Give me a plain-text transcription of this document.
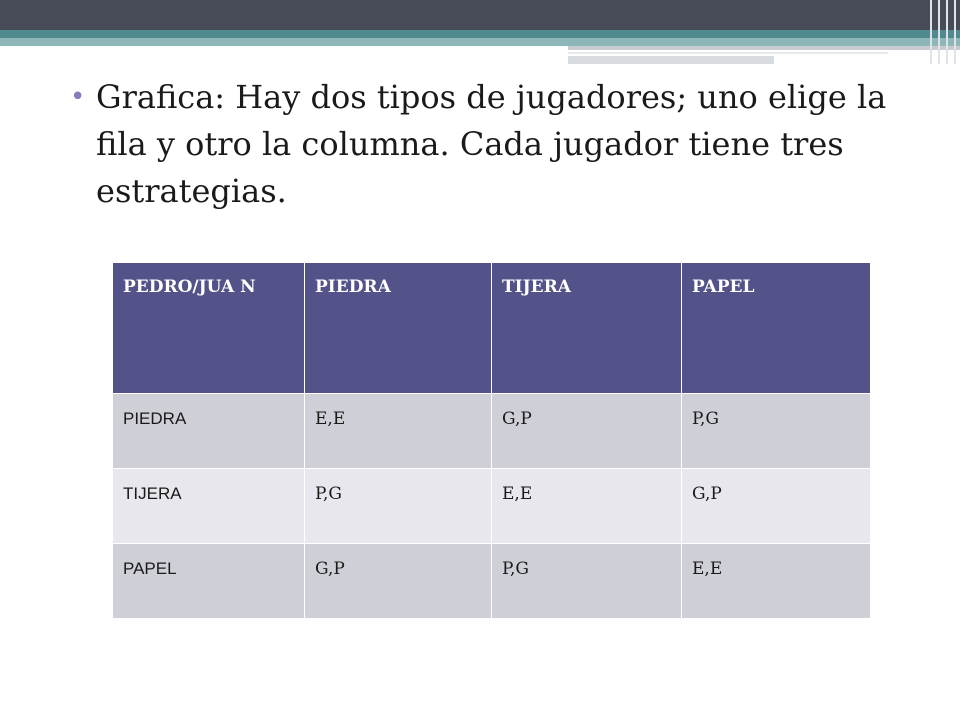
• Grafica: Hay dos tipos de jugadores; uno elige la fila y otro la columna. Cada jugador tiene tres estrategias.
PEDRO/JUA N	PIEDRA	TIJERA	PAPEL
PIEDRA	E,E	G,P	P,G
TIJERA	P,G	E,E	G,P
PAPEL	G,P	P,G	E,E
